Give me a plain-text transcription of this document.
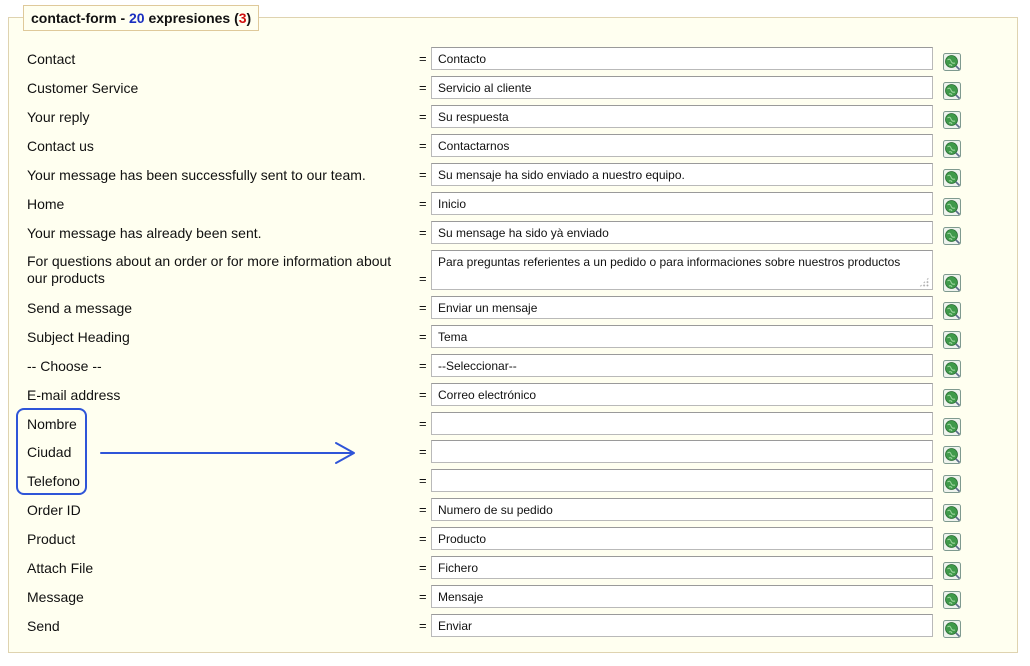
contact-form - 20 expresiones (3)
Contact	=
Contacto
Customer Service	=
Servicio al cliente
Your reply	=
Su respuesta
Contact us	=
Contactarnos
Your message has been successfully sent to our team.	=
Su mensaje ha sido enviado a nuestro equipo.
Home	=
Inicio
Your message has already been sent.	=
Su mensage ha sido yà enviado
For questions about an order or for more information about our products	=
Para preguntas referientes a un pedido o para informaciones sobre nuestros productos
Send a message	=
Enviar un mensaje
Subject Heading	=
Tema
-- Choose --	=
--Seleccionar--
E-mail address	=
Correo electrónico
Nombre	=
Ciudad	=
Telefono	=
Order ID	=
Numero de su pedido
Product	=
Producto
Attach File	=
Fichero
Message	=
Mensaje
Send	=
Enviar
